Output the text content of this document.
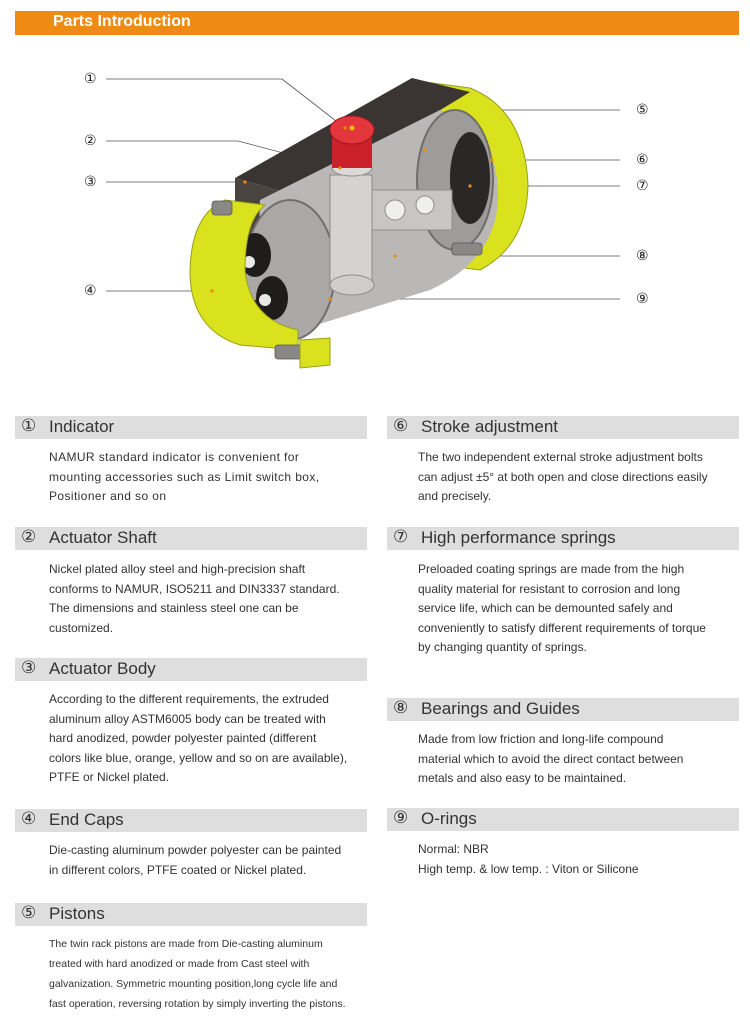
Parts Introduction
①
②
③
④
⑤
⑥
⑦
⑧
⑨
① Indicator

NAMUR standard indicator is convenient for

mounting accessories such as Limit switch box,

Positioner and so on

② Actuator Shaft

Nickel plated alloy steel and high-precision shaft

conforms to NAMUR, ISO5211 and DIN3337 standard.

The dimensions and stainless steel one can be

customized.

③ Actuator Body

According to the different requirements, the extruded

aluminum alloy ASTM6005 body can be treated with

hard anodized, powder polyester painted (different

colors like blue, orange, yellow and so on are available),

PTFE or Nickel plated.

④ End Caps

Die-casting aluminum powder polyester can be painted

in different colors, PTFE coated or Nickel plated.

⑤ Pistons

The twin rack pistons are made from Die-casting aluminum

treated with hard anodized or made from Cast steel with

galvanization. Symmetric mounting position,long cycle life and

fast operation, reversing rotation by simply inverting the pistons.

⑥ Stroke adjustment

The two independent external stroke adjustment bolts

can adjust ±5° at both open and close directions easily

and precisely.

⑦ High performance springs

Preloaded coating springs are made from the high

quality material for resistant to corrosion and long

service life, which can be demounted safely and

conveniently to satisfy different requirements of torque

by changing quantity of springs.

⑧ Bearings and Guides

Made from low friction and long-life compound

material which to avoid the direct contact between

metals and also easy to be maintained.

⑨ O-rings

Normal: NBR

High temp. & low temp. : Viton or Silicone
